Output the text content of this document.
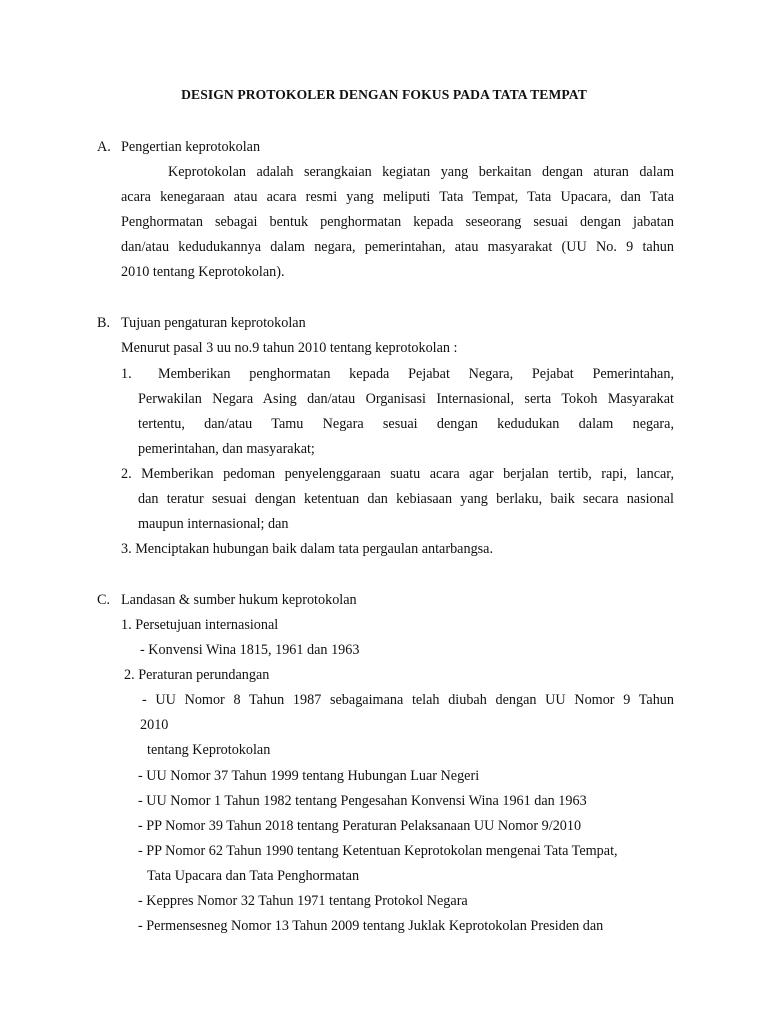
DESIGN PROTOKOLER DENGAN FOKUS PADA TATA TEMPAT
A. Pengertian keprotokolan
Keprotokolan adalah serangkaian kegiatan yang berkaitan dengan aturan dalam
acara kenegaraan atau acara resmi yang meliputi Tata Tempat, Tata Upacara, dan Tata
Penghormatan sebagai bentuk penghormatan kepada seseorang sesuai dengan jabatan
dan/atau kedudukannya dalam negara, pemerintahan, atau masyarakat (UU No. 9 tahun
2010 tentang Keprotokolan).
B. Tujuan pengaturan keprotokolan
Menurut pasal 3 uu no.9 tahun 2010 tentang keprotokolan :
1. Memberikan penghormatan kepada Pejabat Negara, Pejabat Pemerintahan,
Perwakilan Negara Asing dan/atau Organisasi Internasional, serta Tokoh Masyarakat
tertentu, dan/atau Tamu Negara sesuai dengan kedudukan dalam negara,
pemerintahan, dan masyarakat;
2. Memberikan pedoman penyelenggaraan suatu acara agar berjalan tertib, rapi, lancar,
dan teratur sesuai dengan ketentuan dan kebiasaan yang berlaku, baik secara nasional
maupun internasional; dan
3. Menciptakan hubungan baik dalam tata pergaulan antarbangsa.
C. Landasan & sumber hukum keprotokolan
1. Persetujuan internasional
- Konvensi Wina 1815, 1961 dan 1963
2. Peraturan perundangan
- UU Nomor 8 Tahun 1987 sebagaimana telah diubah dengan UU Nomor 9 Tahun
2010
tentang Keprotokolan
- UU Nomor 37 Tahun 1999 tentang Hubungan Luar Negeri
- UU Nomor 1 Tahun 1982 tentang Pengesahan Konvensi Wina 1961 dan 1963
- PP Nomor 39 Tahun 2018 tentang Peraturan Pelaksanaan UU Nomor 9/2010
- PP Nomor 62 Tahun 1990 tentang Ketentuan Keprotokolan mengenai Tata Tempat,
Tata Upacara dan Tata Penghormatan
- Keppres Nomor 32 Tahun 1971 tentang Protokol Negara
- Permensesneg Nomor 13 Tahun 2009 tentang Juklak Keprotokolan Presiden dan
